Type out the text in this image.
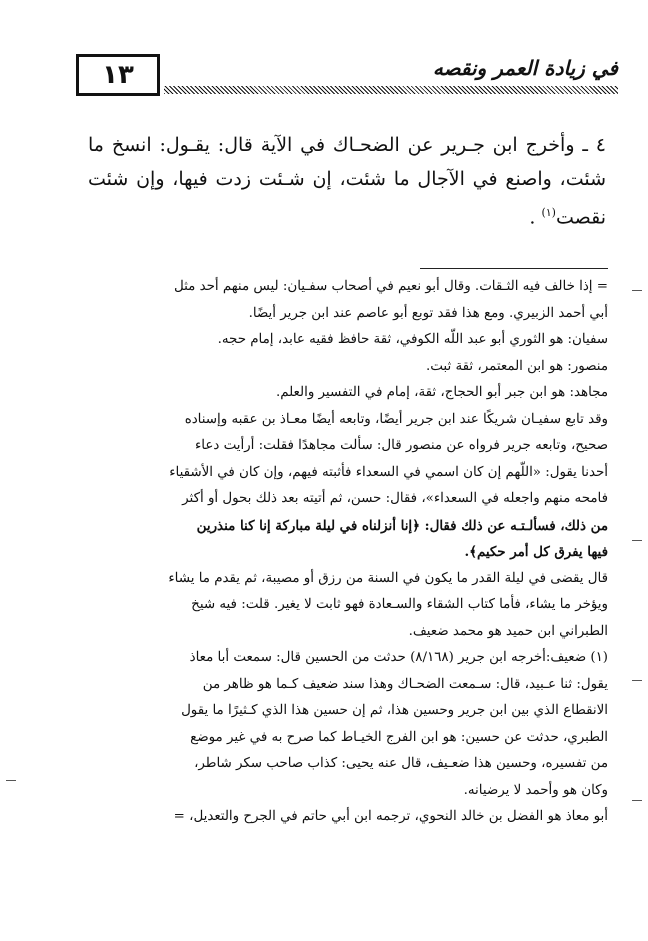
١٣	في زيادة العمر ونقصه
٤ ـ وأخرج ابن جـرير عن الضحـاك في الآية قال: يقـول: انسخ ما شئت، واصنع في الآجال ما شئت، إن شـئت زدت فيها، وإن شئت نقصت$^{(١)}$ .
= إذا خالف فيه الثـقات. وقال أبو نعيم في أصحاب سفـيان: ليس منهم أحد مثل
أبي أحمد الزبيري. ومع هذا فقد توبع أبو عاصم عند ابن جرير أيضًا.
سفيان: هو الثوري أبو عبد اللّه الكوفي، ثقة حافظ فقيه عابد، إمام حجه.
منصور: هو ابن المعتمر، ثقة ثبت.
مجاهد: هو ابن جبر أبو الحجاج، ثقة، إمام في التفسير والعلم.
وقد تابع سفيـان شريكًا عند ابن جرير أيضًا، وتابعه أيضًا معـاذ بن عقبه وإسناده
صحيح، وتابعه جرير فرواه عن منصور قال: سألت مجاهدًا فقلت: أرأيت دعاء
أحدنا يقول: «اللّهم إن كان اسمي في السعداء فأثبته فيهم، وإن كان في الأشقياء
فامحه منهم واجعله في السعداء»، فقال: حسن، ثم أتيته بعد ذلك بحول أو أكثر
من ذلك، فسألـتـه عن ذلك فقال: ﴿إنا أنزلناه في ليلة مباركة إنا كنا منذرين
فيها يفرق كل أمر حكيم﴾.
قال يقضى في ليلة القدر ما يكون في السنة من رزق أو مصيبة، ثم يقدم ما يشاء
ويؤخر ما يشاء، فأما كتاب الشقاء والسـعادة فهو ثابت لا يغير. قلت: فيه شيخ
الطبراني ابن حميد هو محمد ضعيف.
(١) ضعيف:أخرجه ابن جرير (٨/١٦٨) حدثت من الحسين قال: سمعت أبا معاذ
يقول: ثنا عـبيد، قال: سـمعت الضحـاك وهذا سند ضعيف كـما هو ظاهر من
الانقطاع الذي بين ابن جرير وحسين هذا، ثم إن حسين هذا الذي كـثيرًا ما يقول
الطبري، حدثت عن حسين: هو ابن الفرج الخيـاط كما صرح به في غير موضع
من تفسيره، وحسين هذا ضعـيف، قال عنه يحيى: كذاب صاحب سكر شاطر،
وكان هو وأحمد لا يرضيانه.
أبو معاذ هو الفضل بن خالد النحوي، ترجمه ابن أبي حاتم في الجرح والتعديل، =
